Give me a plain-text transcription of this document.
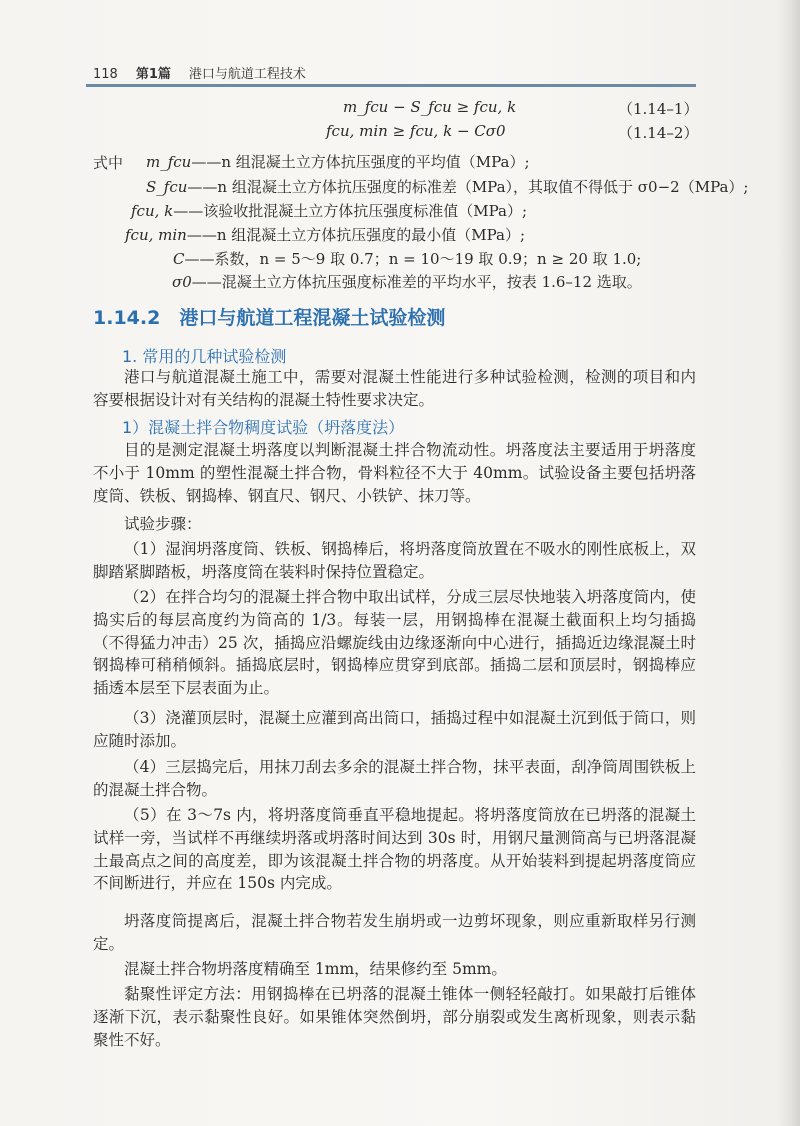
118 第1篇 港口与航道工程技术
m_fcu − S_fcu ≥ fcu, k	（1.14–1）
fcu, min ≥ fcu, k − Cσ0	（1.14–2）
式中 m_fcu——n 组混凝土立方体抗压强度的平均值（MPa）;
S_fcu——n 组混凝土立方体抗压强度的标准差（MPa），其取值不得低于 σ0−2（MPa）;
fcu, k——该验收批混凝土立方体抗压强度标准值（MPa）;
fcu, min——n 组混凝土立方体抗压强度的最小值（MPa）;
C——系数，n = 5～9 取 0.7；n = 10～19 取 0.9；n ≥ 20 取 1.0;
σ0——混凝土立方体抗压强度标准差的平均水平，按表 1.6–12 选取。
1.14.2　港口与航道工程混凝土试验检测
1. 常用的几种试验检测
港口与航道混凝土施工中，需要对混凝土性能进行多种试验检测，检测的项目和内容要根据设计对有关结构的混凝土特性要求决定。
1）混凝土拌合物稠度试验（坍落度法）
目的是测定混凝土坍落度以判断混凝土拌合物流动性。坍落度法主要适用于坍落度不小于 10mm 的塑性混凝土拌合物，骨料粒径不大于 40mm。试验设备主要包括坍落度筒、铁板、钢捣棒、钢直尺、钢尺、小铁铲、抹刀等。
试验步骤：
（1）湿润坍落度筒、铁板、钢捣棒后，将坍落度筒放置在不吸水的刚性底板上，双脚踏紧脚踏板，坍落度筒在装料时保持位置稳定。
（2）在拌合均匀的混凝土拌合物中取出试样，分成三层尽快地装入坍落度筒内，使捣实后的每层高度约为筒高的 1/3。每装一层，用钢捣棒在混凝土截面积上均匀插捣（不得猛力冲击）25 次，插捣应沿螺旋线由边缘逐渐向中心进行，插捣近边缘混凝土时钢捣棒可稍稍倾斜。插捣底层时，钢捣棒应贯穿到底部。插捣二层和顶层时，钢捣棒应插透本层至下层表面为止。
（3）浇灌顶层时，混凝土应灌到高出筒口，插捣过程中如混凝土沉到低于筒口，则应随时添加。
（4）三层捣完后，用抹刀刮去多余的混凝土拌合物，抹平表面，刮净筒周围铁板上的混凝土拌合物。
（5）在 3～7s 内，将坍落度筒垂直平稳地提起。将坍落度筒放在已坍落的混凝土试样一旁，当试样不再继续坍落或坍落时间达到 30s 时，用钢尺量测筒高与已坍落混凝土最高点之间的高度差，即为该混凝土拌合物的坍落度。从开始装料到提起坍落度筒应不间断进行，并应在 150s 内完成。
坍落度筒提离后，混凝土拌合物若发生崩坍或一边剪坏现象，则应重新取样另行测定。
混凝土拌合物坍落度精确至 1mm，结果修约至 5mm。
黏聚性评定方法：用钢捣棒在已坍落的混凝土锥体一侧轻轻敲打。如果敲打后锥体逐渐下沉，表示黏聚性良好。如果锥体突然倒坍，部分崩裂或发生离析现象，则表示黏聚性不好。
